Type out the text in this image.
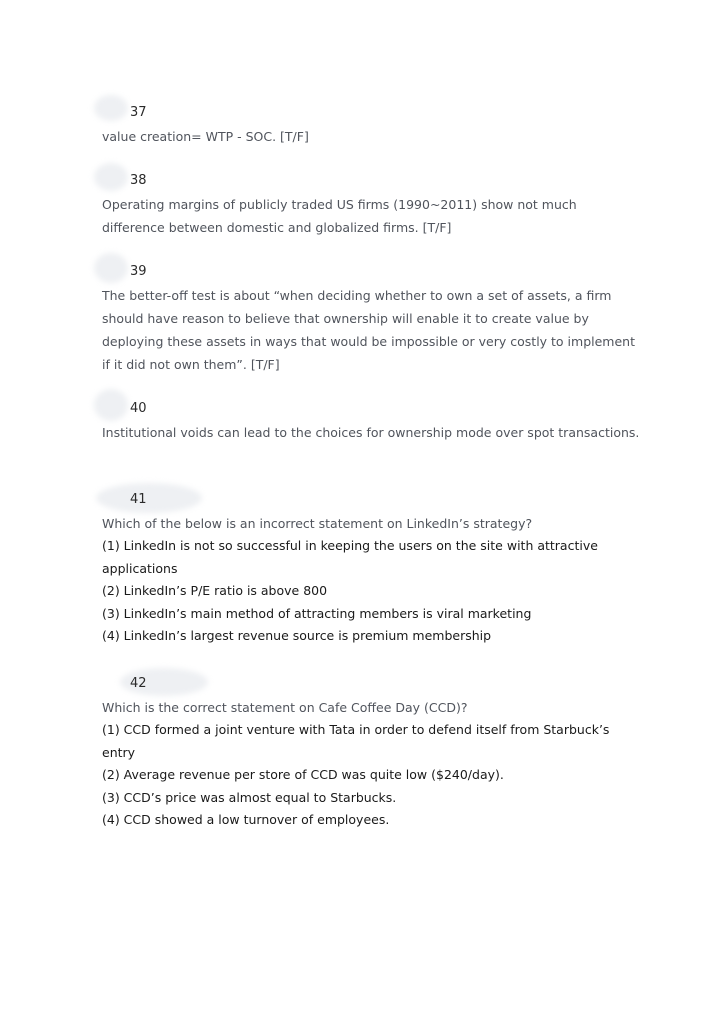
37

value creation= WTP - SOC. [T/F]

38

Operating margins of publicly traded US firms (1990~2011) show not much difference between domestic and globalized firms. [T/F]

39

The better-off test is about “when deciding whether to own a set of assets, a firm should have reason to believe that ownership will enable it to create value by deploying these assets in ways that would be impossible or very costly to implement if it did not own them”. [T/F]

40

Institutional voids can lead to the choices for ownership mode over spot transactions.

41

Which of the below is an incorrect statement on LinkedIn’s strategy?

(1) LinkedIn is not so successful in keeping the users on the site with attractive applications
(2) LinkedIn’s P/E ratio is above 800
(3) LinkedIn’s main method of attracting members is viral marketing
(4) LinkedIn’s largest revenue source is premium membership
42

Which is the correct statement on Cafe Coffee Day (CCD)?

(1) CCD formed a joint venture with Tata in order to defend itself from Starbuck’s entry
(2) Average revenue per store of CCD was quite low ($240/day).
(3) CCD’s price was almost equal to Starbucks.
(4) CCD showed a low turnover of employees.
